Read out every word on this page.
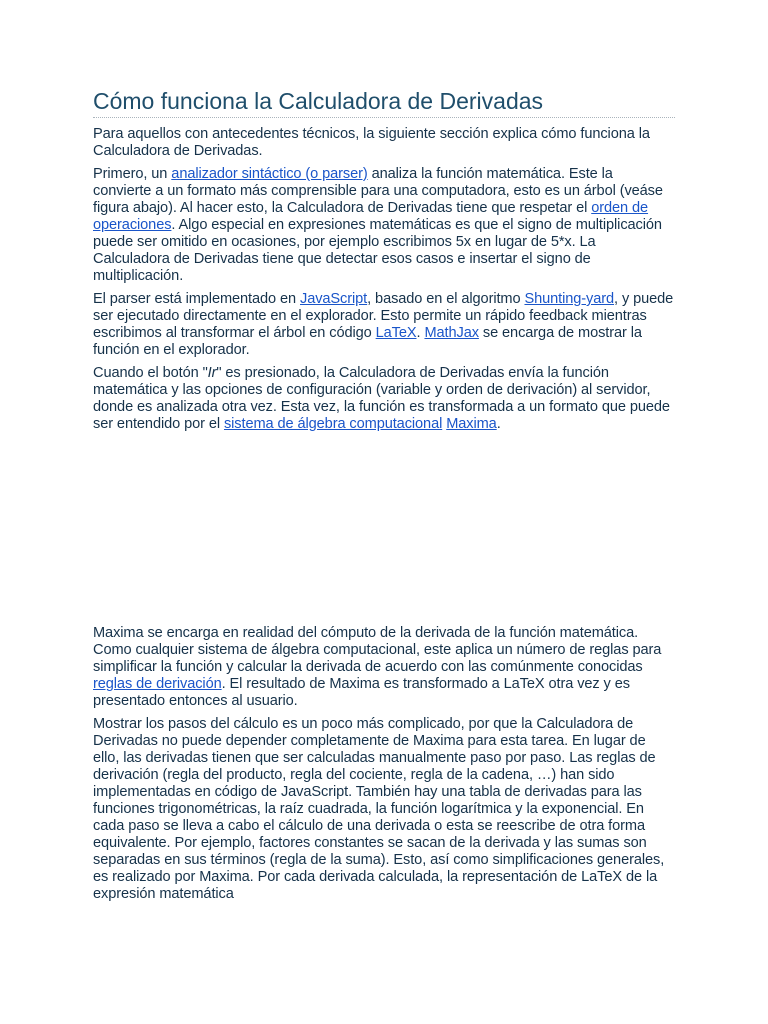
Cómo funciona la Calculadora de Derivadas

Para aquellos con antecedentes técnicos, la siguiente sección explica cómo funciona la Calculadora de Derivadas.

Primero, un analizador sintáctico (o parser) analiza la función matemática. Este la convierte a un formato más comprensible para una computadora, esto es un árbol (veáse figura abajo). Al hacer esto, la Calculadora de Derivadas tiene que respetar el orden de operaciones. Algo especial en expresiones matemáticas es que el signo de multiplicación puede ser omitido en ocasiones, por ejemplo escribimos 5x en lugar de 5*x. La Calculadora de Derivadas tiene que detectar esos casos e insertar el signo de multiplicación.

El parser está implementado en JavaScript, basado en el algoritmo Shunting-yard, y puede ser ejecutado directamente en el explorador. Esto permite un rápido feedback mientras escribimos al transformar el árbol en código LaTeX. MathJax se encarga de mostrar la función en el explorador.

Cuando el botón "Ir" es presionado, la Calculadora de Derivadas envía la función matemática y las opciones de configuración (variable y orden de derivación) al servidor, donde es analizada otra vez. Esta vez, la función es transformada a un formato que puede ser entendido por el sistema de álgebra computacional Maxima.

Maxima se encarga en realidad del cómputo de la derivada de la función matemática. Como cualquier sistema de álgebra computacional, este aplica un número de reglas para simplificar la función y calcular la derivada de acuerdo con las comúnmente conocidas reglas de derivación. El resultado de Maxima es transformado a LaTeX otra vez y es presentado entonces al usuario.

Mostrar los pasos del cálculo es un poco más complicado, por que la Calculadora de Derivadas no puede depender completamente de Maxima para esta tarea. En lugar de ello, las derivadas tienen que ser calculadas manualmente paso por paso. Las reglas de derivación (regla del producto, regla del cociente, regla de la cadena, …) han sido implementadas en código de JavaScript. También hay una tabla de derivadas para las funciones trigonométricas, la raíz cuadrada, la función logarítmica y la exponencial. En cada paso se lleva a cabo el cálculo de una derivada o esta se reescribe de otra forma equivalente. Por ejemplo, factores constantes se sacan de la derivada y las sumas son separadas en sus términos (regla de la suma). Esto, así como simplificaciones generales, es realizado por Maxima. Por cada derivada calculada, la representación de LaTeX de la expresión matemática
